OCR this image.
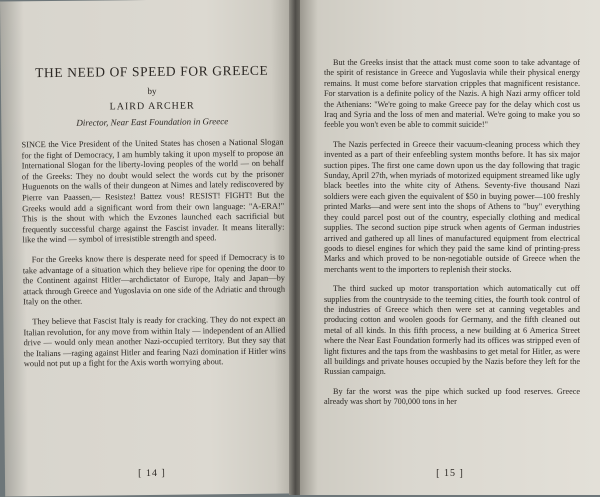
THE NEED OF SPEED FOR GREECE

by

LAIRD ARCHER

Director, Near East Foundation in Greece

SINCE the Vice President of the United States has chosen a National Slogan for the fight of Democracy, I am humbly taking it upon myself to propose an International Slogan for the liberty-loving peoples of the world — on behalf of the Greeks: They no doubt would select the words cut by the prisoner Huguenots on the walls of their dungeon at Nimes and lately rediscovered by Pierre van Paassen,— Resistez! Battez vous! RESIST! FIGHT! But the Greeks would add a significant word from their own language: "A-ERA!" This is the shout with which the Evzones launched each sacrificial but frequently successful charge against the Fascist invader. It means literally: like the wind — symbol of irresistible strength and speed.

For the Greeks know there is desperate need for speed if Democracy is to take advantage of a situation which they believe ripe for opening the door to the Continent against Hitler—archdictator of Europe, Italy and Japan—by attack through Greece and Yugoslavia on one side of the Adriatic and through Italy on the other.

They believe that Fascist Italy is ready for cracking. They do not expect an Italian revolution, for any move from within Italy — independent of an Allied drive — would only mean another Nazi-occupied territory. But they say that the Italians —raging against Hitler and fearing Nazi domination if Hitler wins would not put up a fight for the Axis worth worrying about.

[ 14 ]

But the Greeks insist that the attack must come soon to take advantage of the spirit of resistance in Greece and Yugoslavia while their physical energy remains. It must come before starvation cripples that magnificent resistance. For starvation is a definite policy of the Nazis. A high Nazi army officer told the Athenians: "We're going to make Greece pay for the delay which cost us Iraq and Syria and the loss of men and material. We're going to make you so feeble you won't even be able to commit suicide!"

The Nazis perfected in Greece their vacuum-cleaning process which they invented as a part of their enfeebling system months before. It has six major suction pipes. The first one came down upon us the day following that tragic Sunday, April 27th, when myriads of motorized equipment streamed like ugly black beetles into the white city of Athens. Seventy-five thousand Nazi soldiers were each given the equivalent of $50 in buying power—100 freshly printed Marks—and were sent into the shops of Athens to "buy" everything they could parcel post out of the country, especially clothing and medical supplies. The second suction pipe struck when agents of German industries arrived and gathered up all lines of manufactured equipment from electrical goods to diesel engines for which they paid the same kind of printing-press Marks and which proved to be non-negotiable outside of Greece when the merchants went to the importers to replenish their stocks.

The third sucked up motor transportation which automatically cut off supplies from the countryside to the teeming cities, the fourth took control of the industries of Greece which then were set at canning vegetables and producing cotton and woolen goods for Germany, and the fifth cleaned out metal of all kinds. In this fifth process, a new building at 6 America Street where the Near East Foundation formerly had its offices was stripped even of light fixtures and the taps from the washbasins to get metal for Hitler, as were all buildings and private houses occupied by the Nazis before they left for the Russian campaign.

By far the worst was the pipe which sucked up food reserves. Greece already was short by 700,000 tons in her

[ 15 ]
